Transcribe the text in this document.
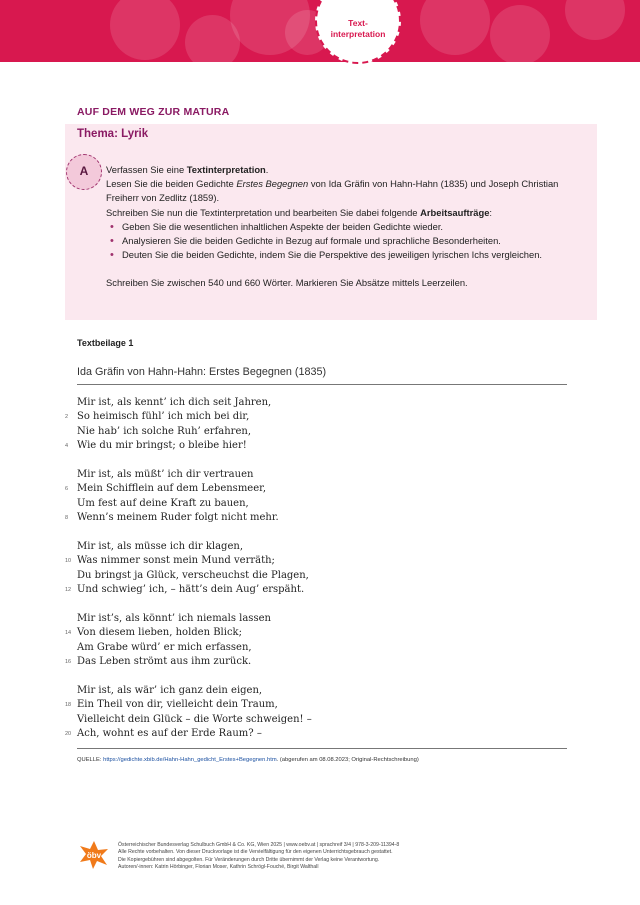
Text-
interpretation
AUF DEM WEG ZUR MATURA
Thema: Lyrik
A	Verfassen Sie eine Textinterpretation.

Lesen Sie die beiden Gedichte Erstes Begegnen von Ida Gräfin von Hahn-Hahn (1835) und Joseph Christian Freiherr von Zedlitz (1859).

Schreiben Sie nun die Textinterpretation und bearbeiten Sie dabei folgende Arbeitsaufträge:

• Geben Sie die wesentlichen inhaltlichen Aspekte der beiden Gedichte wieder.
• Analysieren Sie die beiden Gedichte in Bezug auf formale und sprachliche Besonderheiten.
• Deuten Sie die beiden Gedichte, indem Sie die Perspektive des jeweiligen lyrischen Ichs vergleichen.

Schreiben Sie zwischen 540 und 660 Wörter. Markieren Sie Absätze mittels Leerzeilen.

Textbeilage 1
Ida Gräfin von Hahn-Hahn: Erstes Begegnen (1835)
Mir ist, als kennt’ ich dich seit Jahren,
2 So heimisch fühl’ ich mich bei dir,
Nie hab’ ich solche Ruh’ erfahren,
4 Wie du mir bringst; o bleibe hier!
Mir ist, als müßt’ ich dir vertrauen
6 Mein Schifflein auf dem Lebensmeer,
Um fest auf deine Kraft zu bauen,
8 Wenn’s meinem Ruder folgt nicht mehr.
Mir ist, als müsse ich dir klagen,
10 Was nimmer sonst mein Mund verräth;
Du bringst ja Glück, verscheuchst die Plagen,
12 Und schwieg’ ich, – hätt’s dein Aug’ erspäht.
Mir ist’s, als könnt’ ich niemals lassen
14 Von diesem lieben, holden Blick;
Am Grabe würd’ er mich erfassen,
16 Das Leben strömt aus ihm zurück.
Mir ist, als wär’ ich ganz dein eigen,
18 Ein Theil von dir, vielleicht dein Traum,
Vielleicht dein Glück – die Worte schweigen! –
20 Ach, wohnt es auf der Erde Raum? –
QUELLE: https://gedichte.xbib.de/Hahn-Hahn_gedicht_Erstes+Begegnen.htm. (abgerufen am 08.08.2023; Original-Rechtschreibung)
öbv
Österreichischer Bundesverlag Schulbuch GmbH & Co. KG, Wien 2025 | www.oebv.at | sprachreif 3/4 | 978-3-209-11394-8
Alle Rechte vorbehalten. Von dieser Druckvorlage ist die Vervielfältigung für den eigenen Unterrichtsgebrauch gestattet.
Die Kopiergebühren sind abgegolten. Für Veränderungen durch Dritte übernimmt der Verlag keine Verantwortung.
Autoren/-innen: Katrin Hörbinger, Florian Moser, Kathrin Schrögl-Fouché, Birgit Walthall
